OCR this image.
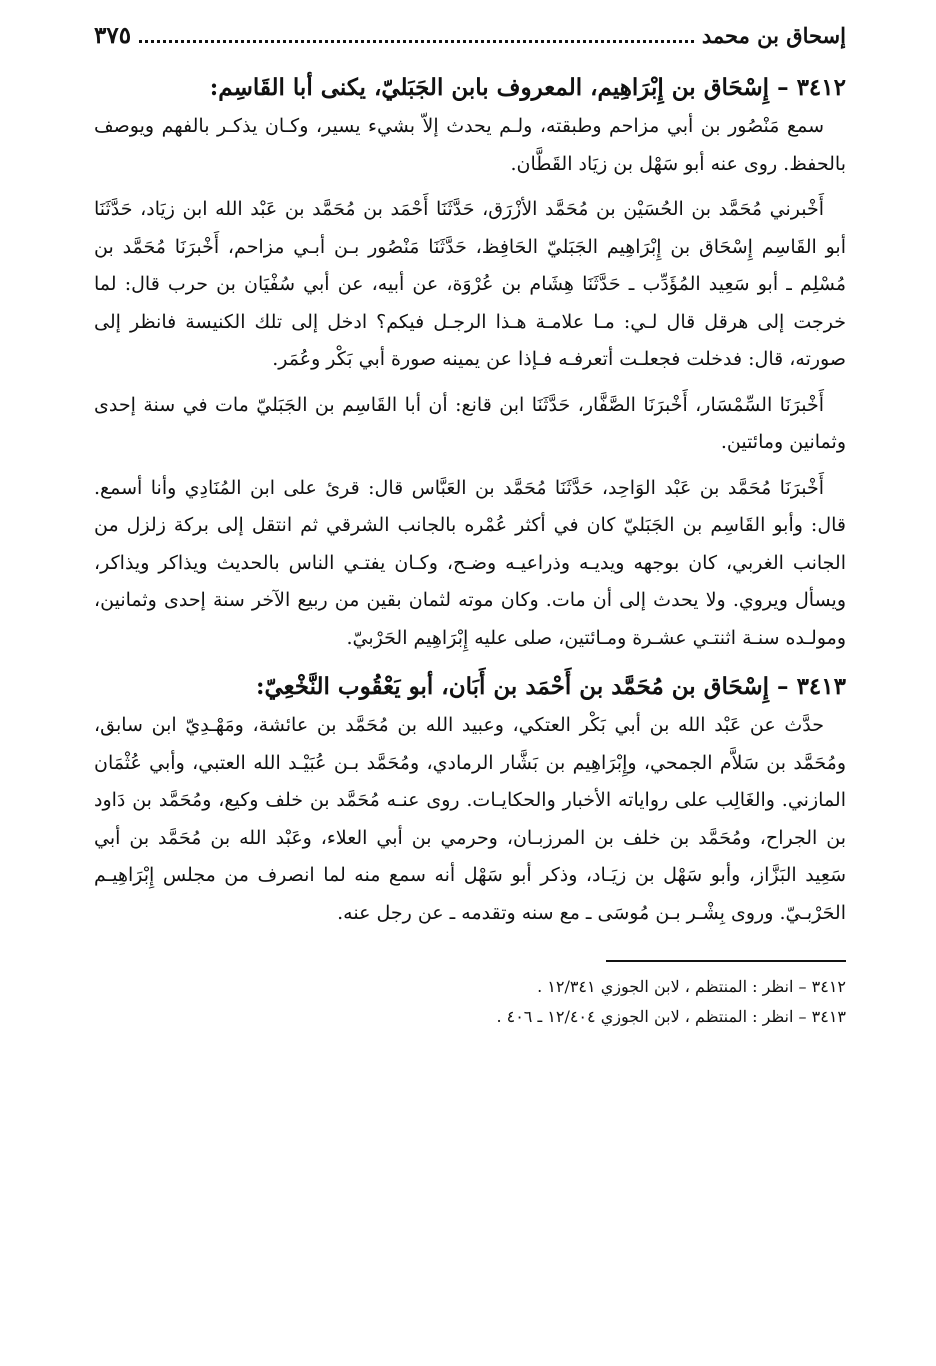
إسحاق بن محمد
٣٧٥
٣٤١٢ – إِسْحَاق بن إِبْرَاهِيم، المعروف بابن الجَبَليّ، يكنى أبا القَاسِم:

سمع مَنْصُور بن أبي مزاحم وطبقته، ولـم يحدث إلاّ بشيء يسير، وكـان يذكـر بالفهم ويوصف بالحفظ. روى عنه أبو سَهْل بن زيَاد القَطَّان.

أَخْبرني مُحَمَّد بن الحُسَيْن بن مُحَمَّد الأزْرَق، حَدَّثَنَا أَحْمَد بن مُحَمَّد بن عَبْد الله ابن زيَاد، حَدَّثَنَا أبو القَاسِم إِسْحَاق بن إِبْرَاهِيم الجَبَليّ الحَافِظ، حَدَّثَنَا مَنْصُور بـن أبـي مزاحم، أَخْبرَنَا مُحَمَّد بن مُسْلِم ـ أبو سَعِيد المُؤَدِّب ـ حَدَّثَنَا هِشَام بن عُرْوَة، عن أبيه، عن أبي سُفْيَان بن حرب قال: لما خرجت إلى هرقل قال لـي: مـا علامـة هـذا الرجـل فيكم؟ ادخل إلى تلك الكنيسة فانظر إلى صورته، قال: فدخلت فجعلـت أتعرفـه فـإذا عن يمينه صورة أبي بَكْر وعُمَر.

أَخْبرَنَا السِّمْسَار، أَخْبرَنَا الصَّفَّار، حَدَّثَنَا ابن قانع: أن أبا القَاسِم بن الجَبَليّ مات في سنة إحدى وثمانين ومائتين.

أَخْبرَنَا مُحَمَّد بن عَبْد الوَاحِد، حَدَّثَنَا مُحَمَّد بن العَبَّاس قال: قرئ على ابن المُنَادِي وأنا أسمع. قال: وأبو القَاسِم بن الجَبَليّ كان في أكثر عُمْره بالجانب الشرقي ثم انتقل إلى بركة زلزل من الجانب الغربي، كان بوجهه ويديـه وذراعيـه وضـح، وكـان يفتـي الناس بالحديث ويذاكر ويذاكر، ويسأل ويروي. ولا يحدث إلى أن مات. وكان موته لثمان بقين من ربيع الآخر سنة إحدى وثمانين، ومولـده سنـة اثنتـي عشـرة ومـائتين، صلى عليه إِبْرَاهِيم الحَرْبيّ.

٣٤١٣ – إِسْحَاق بن مُحَمَّد بن أَحْمَد بن أَبَان، أبو يَعْقُوب النَّخْعِيّ:

حدَّث عن عَبْد الله بن أبي بَكْر العتكي، وعبيد الله بن مُحَمَّد بن عائشة، ومَهْـدِيّ ابن سابق، ومُحَمَّد بن سَلاَّم الجمحي، وإِبْرَاهِيم بن بَشَّار الرمادي، ومُحَمَّد بـن عُبَيْـد الله العتبي، وأبي عُثْمَان المازني. والغَالِب على رواياته الأخبار والحكايـات. روى عنـه مُحَمَّد بن خلف وكيع، ومُحَمَّد بن دَاود بن الجراح، ومُحَمَّد بن خلف بن المرزبـان، وحرمي بن أبي العلاء، وعَبْد الله بن مُحَمَّد بن أبي سَعِيد البَزَّاز، وأبو سَهْل بن زيَـاد، وذكر أبو سَهْل أنه سمع منه لما انصرف من مجلس إِبْرَاهِيـم الحَرْبـيّ. وروى بِشْـر بـن مُوسَى ـ مع سنه وتقدمه ـ عن رجل عنه.

٣٤١٢ – انظر : المنتظم ، لابن الجوزي ١٢/٣٤١ .

٣٤١٣ – انظر : المنتظم ، لابن الجوزي ١٢/٤٠٤ ـ ٤٠٦ .
